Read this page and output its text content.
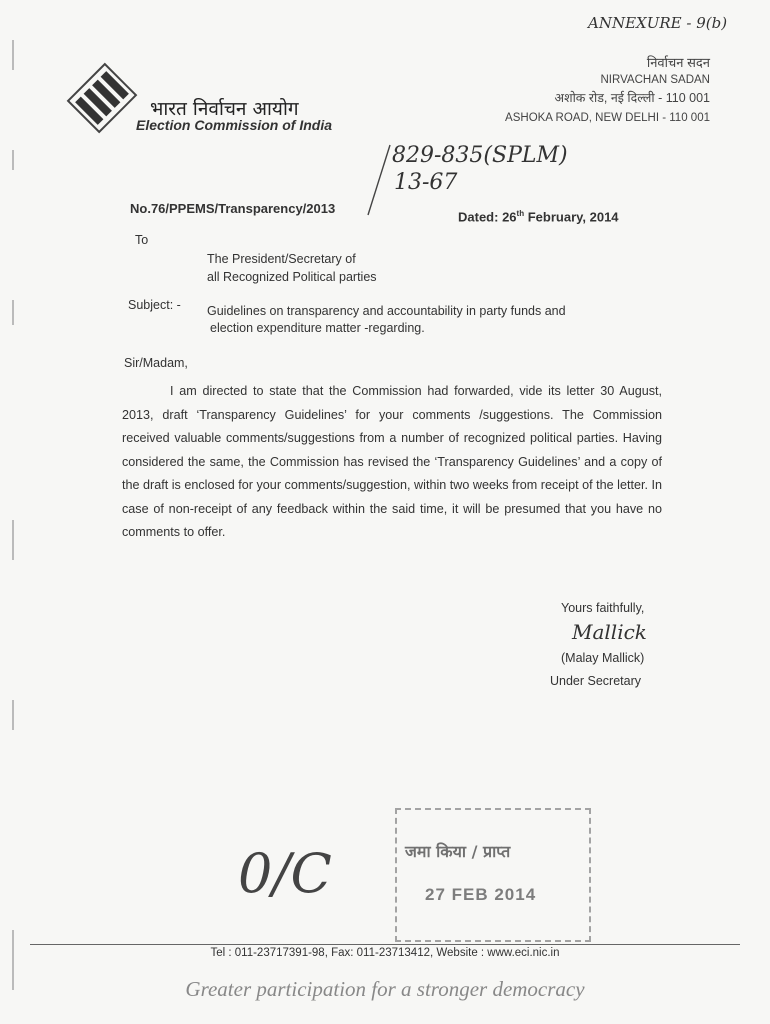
ANNEXURE - 9(b)
भारत निर्वाचन आयोग
Election Commission of India
निर्वाचन सदन
NIRVACHAN SADAN
अशोक रोड, नई दिल्ली - 110 001
ASHOKA ROAD, NEW DELHI - 110 001
829-835(SPLM)
13-67
No.76/PPEMS/Transparency/2013
Dated: 26th February, 2014
To
The President/Secretary of
all Recognized Political parties
Subject: - Guidelines on transparency and accountability in party funds and
election expenditure matter -regarding.
Sir/Madam,
I am directed to state that the Commission had forwarded, vide its letter 30 August, 2013, draft ‘Transparency Guidelines’ for your comments /suggestions. The Commission received valuable comments/suggestions from a number of recognized political parties. Having considered the same, the Commission has revised the ‘Transparency Guidelines’ and a copy of the draft is enclosed for your comments/suggestion, within two weeks from receipt of the letter. In case of non-receipt of any feedback within the said time, it will be presumed that you have no comments to offer.
Yours faithfully,
Mallick
(Malay Mallick)
Under Secretary
जमा किया / प्राप्त
27 FEB 2014
0/C
Tel : 011-23717391-98, Fax: 011-23713412, Website : www.eci.nic.in
Greater participation for a stronger democracy
